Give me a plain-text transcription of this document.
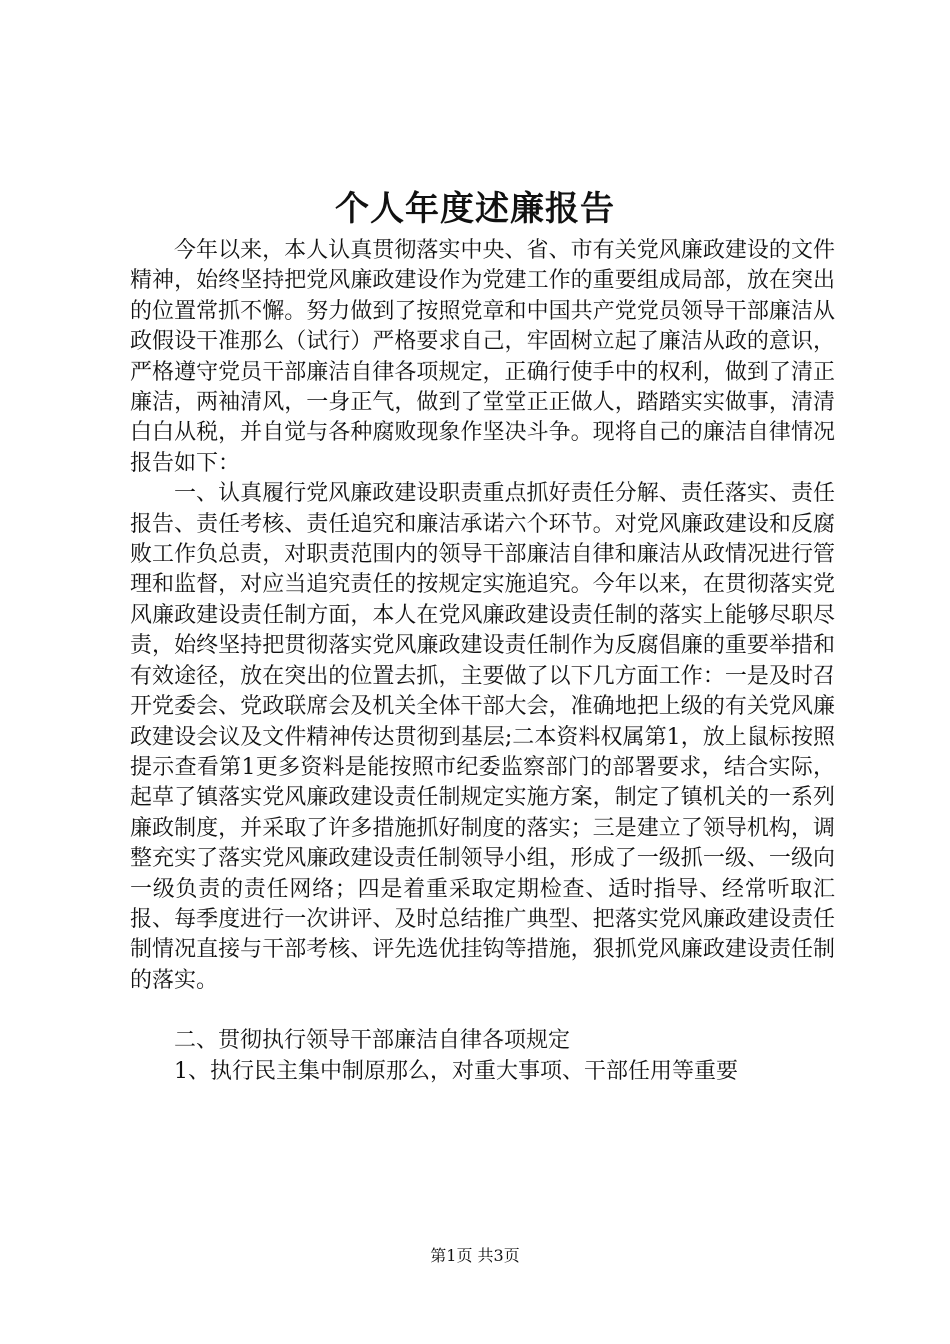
个人年度述廉报告

今年以来，本人认真贯彻落实中央、省、市有关党风廉政建设的文件精神，始终坚持把党风廉政建设作为党建工作的重要组成局部，放在突出的位置常抓不懈。努力做到了按照党章和中国共产党党员领导干部廉洁从政假设干准那么（试行）严格要求自己，牢固树立起了廉洁从政的意识，严格遵守党员干部廉洁自律各项规定，正确行使手中的权利，做到了清正廉洁，两袖清风，一身正气，做到了堂堂正正做人，踏踏实实做事，清清白白从税，并自觉与各种腐败现象作坚决斗争。现将自己的廉洁自律情况报告如下：

一、认真履行党风廉政建设职责重点抓好责任分解、责任落实、责任报告、责任考核、责任追究和廉洁承诺六个环节。对党风廉政建设和反腐败工作负总责，对职责范围内的领导干部廉洁自律和廉洁从政情况进行管理和监督，对应当追究责任的按规定实施追究。今年以来，在贯彻落实党风廉政建设责任制方面，本人在党风廉政建设责任制的落实上能够尽职尽责，始终坚持把贯彻落实党风廉政建设责任制作为反腐倡廉的重要举措和有效途径，放在突出的位置去抓，主要做了以下几方面工作：一是及时召开党委会、党政联席会及机关全体干部大会，准确地把上级的有关党风廉政建设会议及文件精神传达贯彻到基层;二本资料权属第1，放上鼠标按照提示查看第1更多资料是能按照市纪委监察部门的部署要求，结合实际，起草了镇落实党风廉政建设责任制规定实施方案，制定了镇机关的一系列廉政制度，并采取了许多措施抓好制度的落实；三是建立了领导机构，调整充实了落实党风廉政建设责任制领导小组，形成了一级抓一级、一级向一级负责的责任网络；四是着重采取定期检查、适时指导、经常听取汇报、每季度进行一次讲评、及时总结推广典型、把落实党风廉政建设责任制情况直接与干部考核、评先选优挂钩等措施，狠抓党风廉政建设责任制的落实。

二、贯彻执行领导干部廉洁自律各项规定

1、执行民主集中制原那么，对重大事项、干部任用等重要

第1页 共3页
